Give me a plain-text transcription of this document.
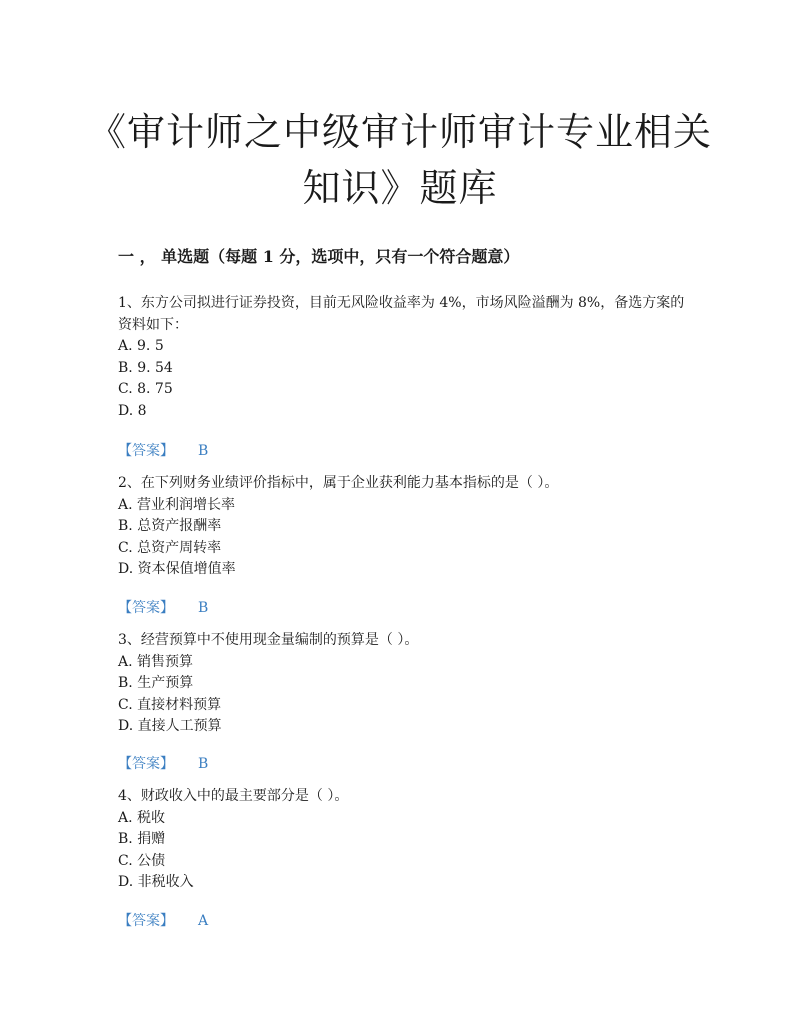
《审计师之中级审计师审计专业相关
知识》题库
一 ， 单选题（每题 1 分，选项中，只有一个符合题意）

1、东方公司拟进行证券投资，目前无风险收益率为 4%，市场风险溢酬为 8%，备选方案的资料如下：

A. 9. 5
B. 9. 54
C. 8. 75
D. 8
【答案】 B

2、在下列财务业绩评价指标中，属于企业获利能力基本指标的是（ ）。

A. 营业利润增长率
B. 总资产报酬率
C. 总资产周转率
D. 资本保值增值率
【答案】 B

3、经营预算中不使用现金量编制的预算是（ ）。

A. 销售预算
B. 生产预算
C. 直接材料预算
D. 直接人工预算
【答案】 B

4、财政收入中的最主要部分是（ ）。

A. 税收
B. 捐赠
C. 公债
D. 非税收入
【答案】 A
